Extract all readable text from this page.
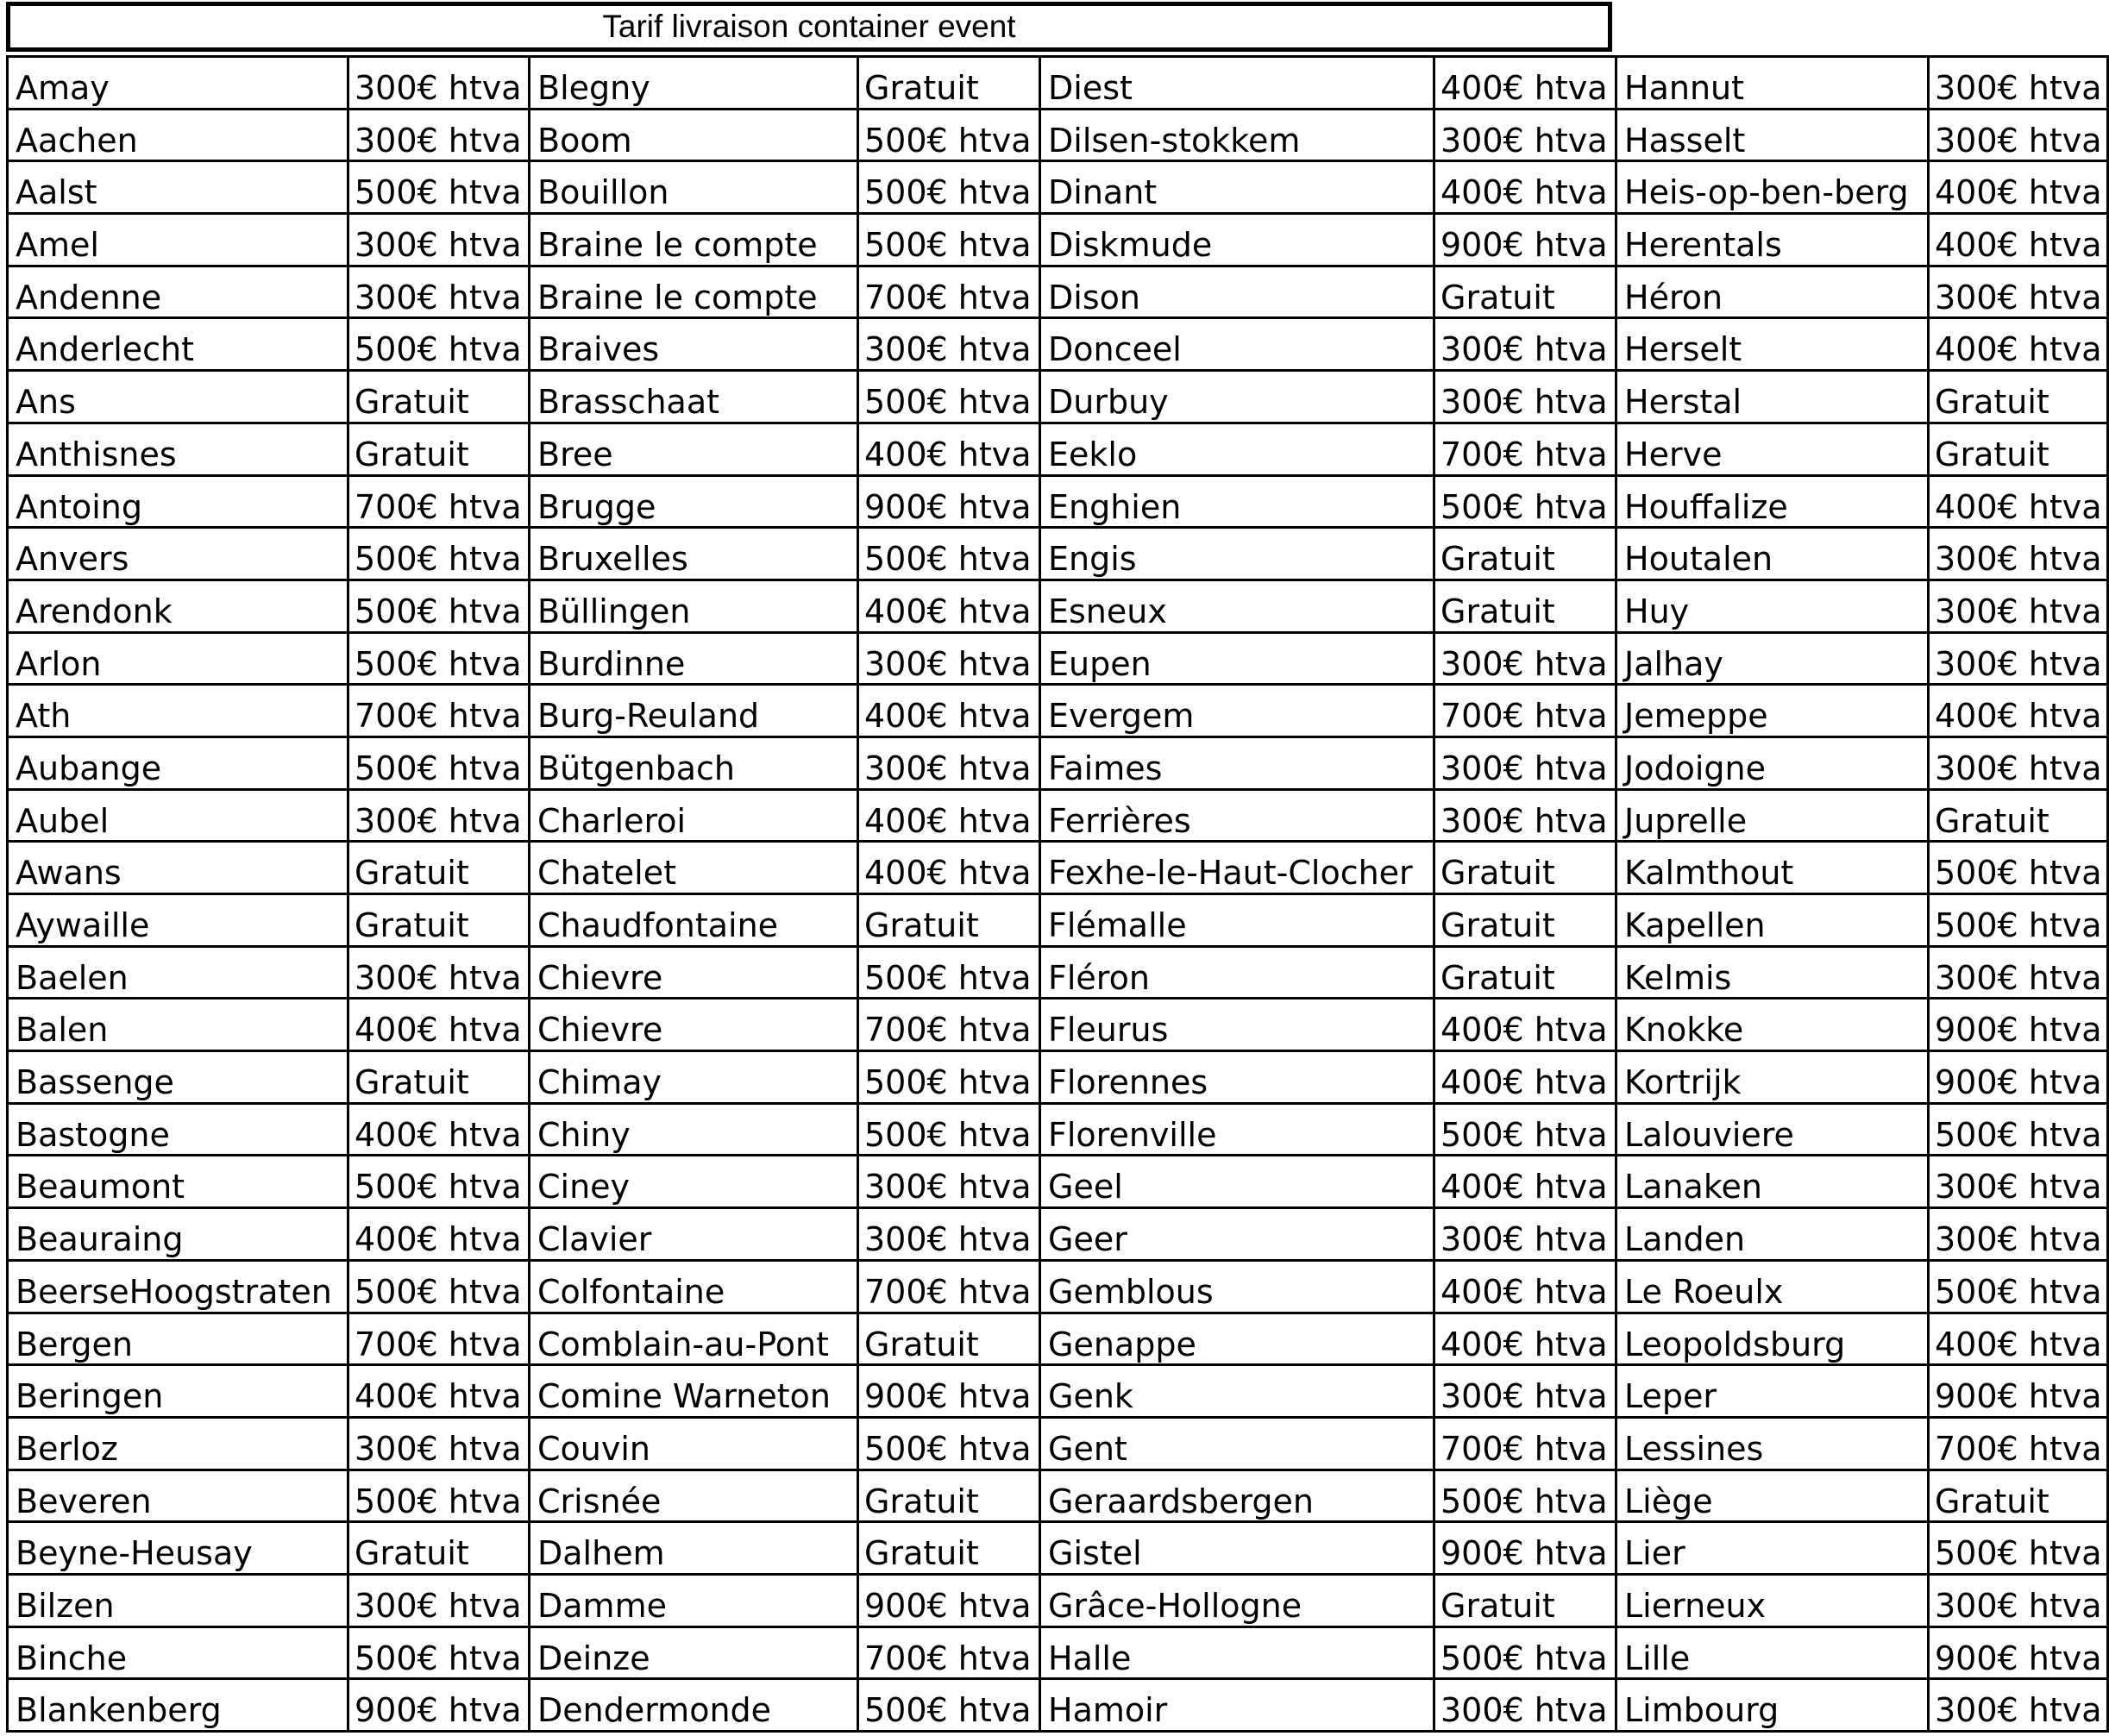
Tarif livraison container event
Amay	300€ htva	Blegny	Gratuit	Diest	400€ htva	Hannut	300€ htva
Aachen	300€ htva	Boom	500€ htva	Dilsen-stokkem	300€ htva	Hasselt	300€ htva
Aalst	500€ htva	Bouillon	500€ htva	Dinant	400€ htva	Heis-op-ben-berg	400€ htva
Amel	300€ htva	Braine le compte	500€ htva	Diskmude	900€ htva	Herentals	400€ htva
Andenne	300€ htva	Braine le compte	700€ htva	Dison	Gratuit	Héron	300€ htva
Anderlecht	500€ htva	Braives	300€ htva	Donceel	300€ htva	Herselt	400€ htva
Ans	Gratuit	Brasschaat	500€ htva	Durbuy	300€ htva	Herstal	Gratuit
Anthisnes	Gratuit	Bree	400€ htva	Eeklo	700€ htva	Herve	Gratuit
Antoing	700€ htva	Brugge	900€ htva	Enghien	500€ htva	Houffalize	400€ htva
Anvers	500€ htva	Bruxelles	500€ htva	Engis	Gratuit	Houtalen	300€ htva
Arendonk	500€ htva	Büllingen	400€ htva	Esneux	Gratuit	Huy	300€ htva
Arlon	500€ htva	Burdinne	300€ htva	Eupen	300€ htva	Jalhay	300€ htva
Ath	700€ htva	Burg-Reuland	400€ htva	Evergem	700€ htva	Jemeppe	400€ htva
Aubange	500€ htva	Bütgenbach	300€ htva	Faimes	300€ htva	Jodoigne	300€ htva
Aubel	300€ htva	Charleroi	400€ htva	Ferrières	300€ htva	Juprelle	Gratuit
Awans	Gratuit	Chatelet	400€ htva	Fexhe-le-Haut-Clocher	Gratuit	Kalmthout	500€ htva
Aywaille	Gratuit	Chaudfontaine	Gratuit	Flémalle	Gratuit	Kapellen	500€ htva
Baelen	300€ htva	Chievre	500€ htva	Fléron	Gratuit	Kelmis	300€ htva
Balen	400€ htva	Chievre	700€ htva	Fleurus	400€ htva	Knokke	900€ htva
Bassenge	Gratuit	Chimay	500€ htva	Florennes	400€ htva	Kortrijk	900€ htva
Bastogne	400€ htva	Chiny	500€ htva	Florenville	500€ htva	Lalouviere	500€ htva
Beaumont	500€ htva	Ciney	300€ htva	Geel	400€ htva	Lanaken	300€ htva
Beauraing	400€ htva	Clavier	300€ htva	Geer	300€ htva	Landen	300€ htva
BeerseHoogstraten	500€ htva	Colfontaine	700€ htva	Gemblous	400€ htva	Le Roeulx	500€ htva
Bergen	700€ htva	Comblain-au-Pont	Gratuit	Genappe	400€ htva	Leopoldsburg	400€ htva
Beringen	400€ htva	Comine Warneton	900€ htva	Genk	300€ htva	Leper	900€ htva
Berloz	300€ htva	Couvin	500€ htva	Gent	700€ htva	Lessines	700€ htva
Beveren	500€ htva	Crisnée	Gratuit	Geraardsbergen	500€ htva	Liège	Gratuit
Beyne-Heusay	Gratuit	Dalhem	Gratuit	Gistel	900€ htva	Lier	500€ htva
Bilzen	300€ htva	Damme	900€ htva	Grâce-Hollogne	Gratuit	Lierneux	300€ htva
Binche	500€ htva	Deinze	700€ htva	Halle	500€ htva	Lille	900€ htva
Blankenberg	900€ htva	Dendermonde	500€ htva	Hamoir	300€ htva	Limbourg	300€ htva
